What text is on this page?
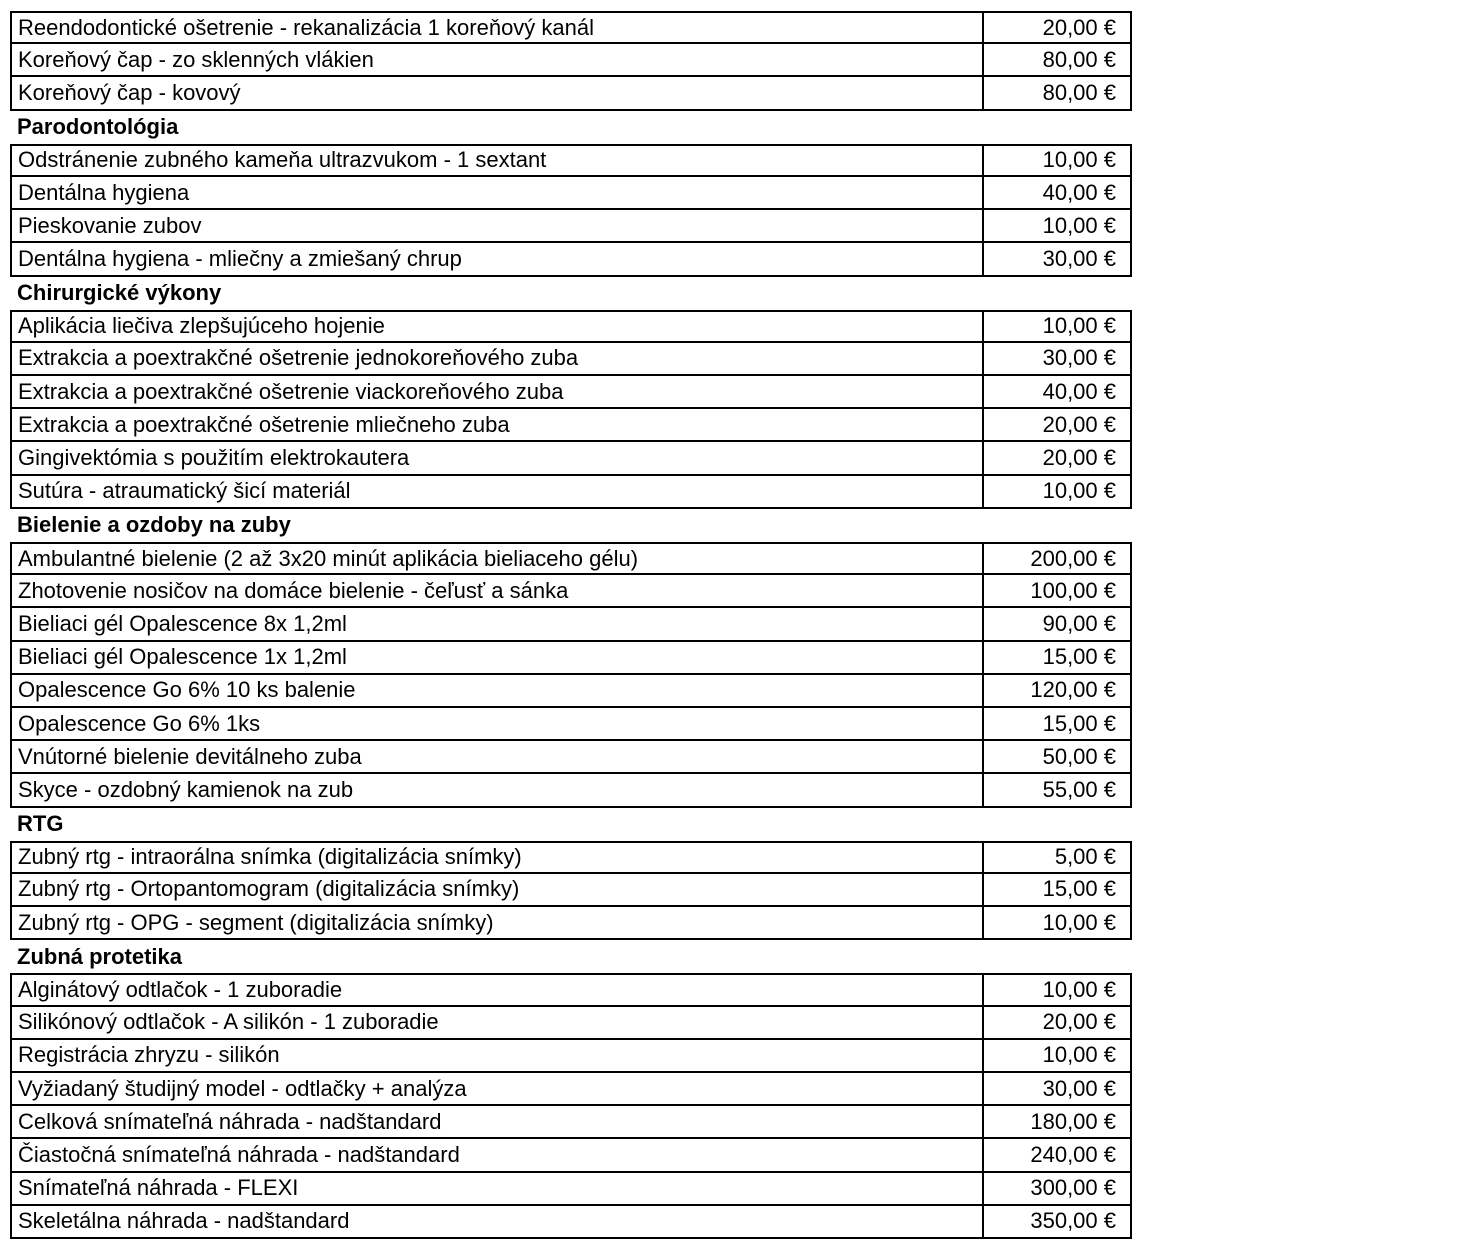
Reendodontické ošetrenie - rekanalizácia 1 koreňový kanál	20,00 €
Koreňový čap - zo sklenných vlákien	80,00 €
Koreňový čap - kovový	80,00 €
Parodontológia
Odstránenie zubného kameňa ultrazvukom - 1 sextant	10,00 €
Dentálna hygiena	40,00 €
Pieskovanie zubov	10,00 €
Dentálna hygiena - mliečny a zmiešaný chrup	30,00 €
Chirurgické výkony
Aplikácia liečiva zlepšujúceho hojenie	10,00 €
Extrakcia a poextrakčné ošetrenie jednokoreňového zuba	30,00 €
Extrakcia a poextrakčné ošetrenie viackoreňového zuba	40,00 €
Extrakcia a poextrakčné ošetrenie mliečneho zuba	20,00 €
Gingivektómia s použitím elektrokautera	20,00 €
Sutúra - atraumatický šicí materiál	10,00 €
Bielenie a ozdoby na zuby
Ambulantné bielenie (2 až 3x20 minút aplikácia bieliaceho gélu)	200,00 €
Zhotovenie nosičov na domáce bielenie - čeľusť a sánka	100,00 €
Bieliaci gél Opalescence 8x 1,2ml	90,00 €
Bieliaci gél Opalescence 1x 1,2ml	15,00 €
Opalescence Go 6% 10 ks balenie	120,00 €
Opalescence Go 6% 1ks	15,00 €
Vnútorné bielenie devitálneho zuba	50,00 €
Skyce - ozdobný kamienok na zub	55,00 €
RTG
Zubný rtg - intraorálna snímka (digitalizácia snímky)	5,00 €
Zubný rtg - Ortopantomogram (digitalizácia snímky)	15,00 €
Zubný rtg - OPG - segment (digitalizácia snímky)	10,00 €
Zubná protetika
Alginátový odtlačok - 1 zuboradie	10,00 €
Silikónový odtlačok - A silikón - 1 zuboradie	20,00 €
Registrácia zhryzu - silikón	10,00 €
Vyžiadaný študijný model - odtlačky + analýza	30,00 €
Celková snímateľná náhrada - nadštandard	180,00 €
Čiastočná snímateľná náhrada - nadštandard	240,00 €
Snímateľná náhrada - FLEXI	300,00 €
Skeletálna náhrada - nadštandard	350,00 €
